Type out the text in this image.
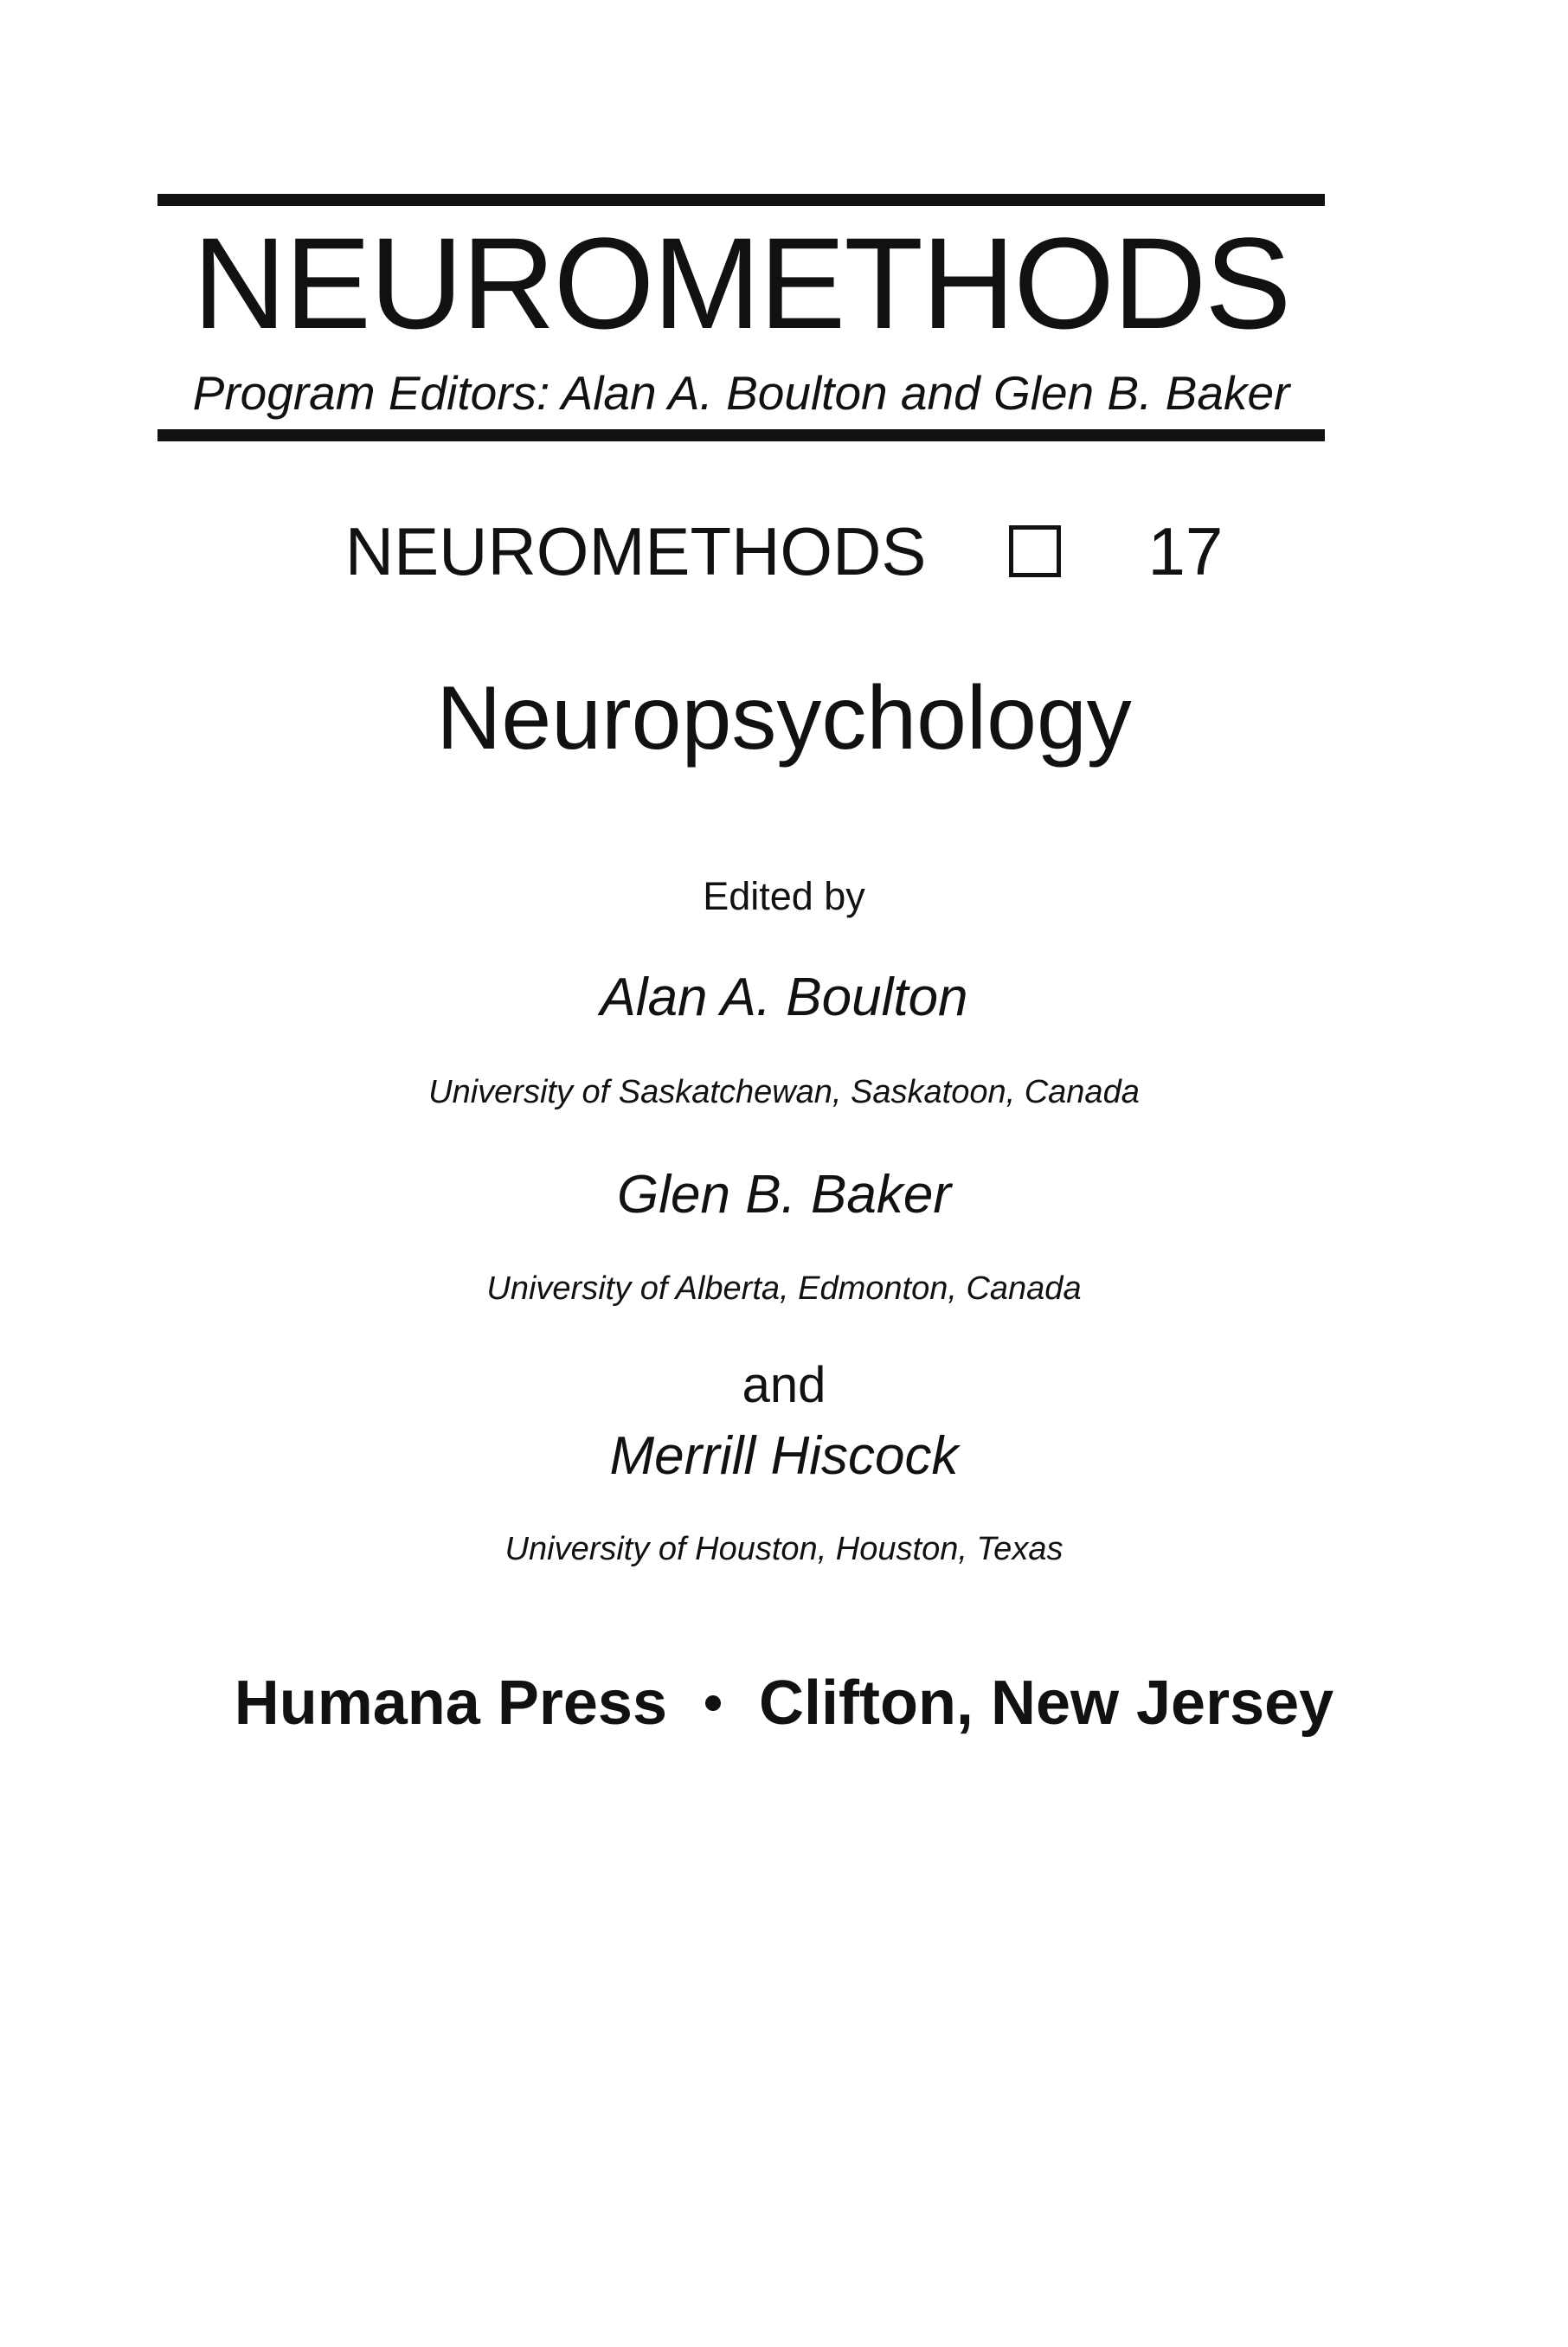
NEUROMETHODS
Program Editors: Alan A. Boulton and Glen B. Baker
NEUROMETHODS	17
Neuropsychology
Edited by
Alan A. Boulton
University of Saskatchewan, Saskatoon, Canada
Glen B. Baker
University of Alberta, Edmonton, Canada
and
Merrill Hiscock
University of Houston, Houston, Texas
Humana Press Clifton, New Jersey
